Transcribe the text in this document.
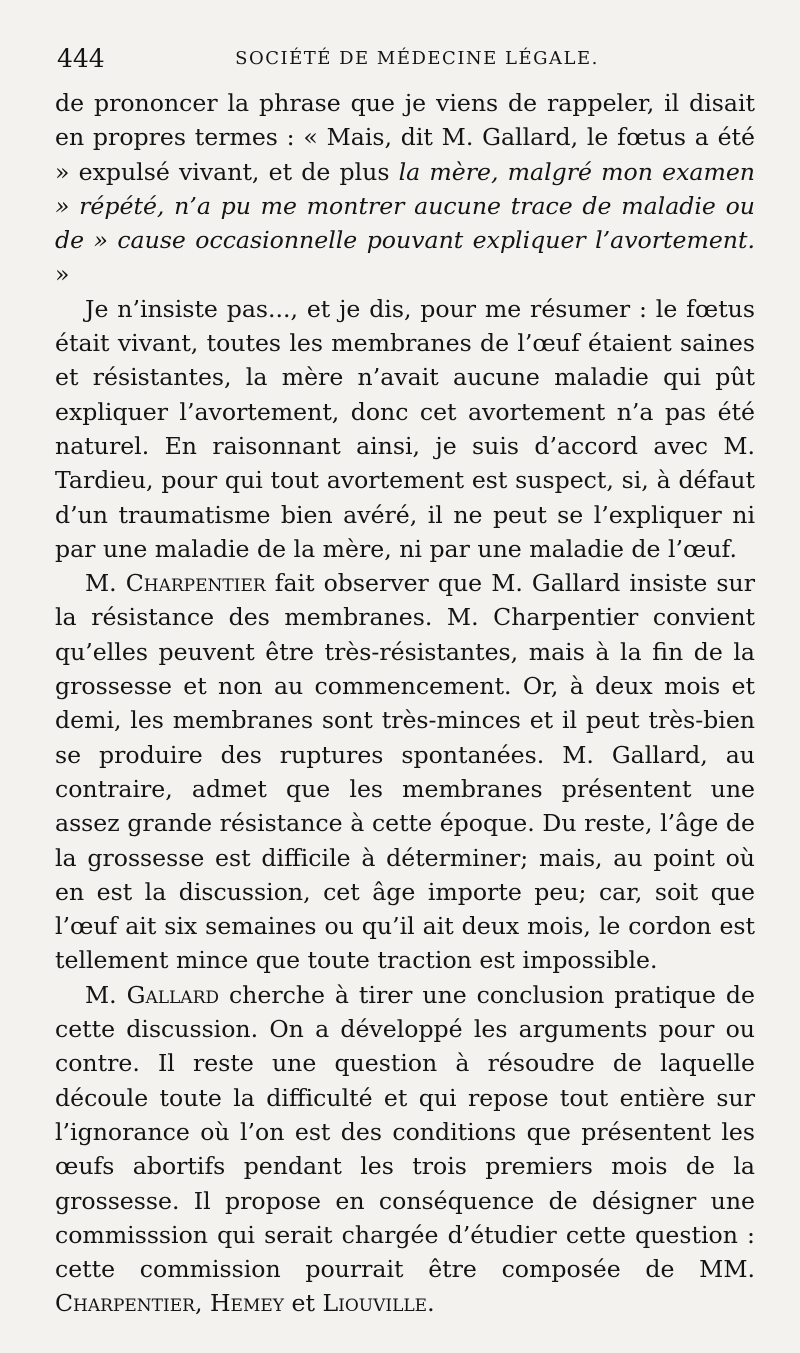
444	SOCIÉTÉ DE MÉDECINE LÉGALE.

de prononcer la phrase que je viens de rappeler, il disait en propres termes : « Mais, dit M. Gallard, le fœtus a été » expulsé vivant, et de plus la mère, malgré mon examen » répété, n’a pu me montrer aucune trace de maladie ou de » cause occasionnelle pouvant expliquer l’avortement. »

Je n’insiste pas..., et je dis, pour me résumer : le fœtus était vivant, toutes les membranes de l’œuf étaient saines et résistantes, la mère n’avait aucune maladie qui pût expliquer l’avortement, donc cet avortement n’a pas été naturel. En raisonnant ainsi, je suis d’accord avec M. Tardieu, pour qui tout avortement est suspect, si, à défaut d’un traumatisme bien avéré, il ne peut se l’expliquer ni par une maladie de la mère, ni par une maladie de l’œuf.

M. Charpentier fait observer que M. Gallard insiste sur la résistance des membranes. M. Charpentier convient qu’elles peuvent être très-résistantes, mais à la fin de la grossesse et non au commencement. Or, à deux mois et demi, les membranes sont très-minces et il peut très-bien se produire des ruptures spontanées. M. Gallard, au contraire, admet que les membranes présentent une assez grande résistance à cette époque. Du reste, l’âge de la grossesse est difficile à déterminer; mais, au point où en est la discussion, cet âge importe peu; car, soit que l’œuf ait six semaines ou qu’il ait deux mois, le cordon est tellement mince que toute traction est impossible.

M. Gallard cherche à tirer une conclusion pratique de cette discussion. On a développé les arguments pour ou contre. Il reste une question à résoudre de laquelle découle toute la difficulté et qui repose tout entière sur l’ignorance où l’on est des conditions que présentent les œufs abortifs pendant les trois premiers mois de la grossesse. Il propose en conséquence de désigner une commisssion qui serait chargée d’étudier cette question : cette commission pourrait être composée de MM. Charpentier, Hemey et Liouville.
